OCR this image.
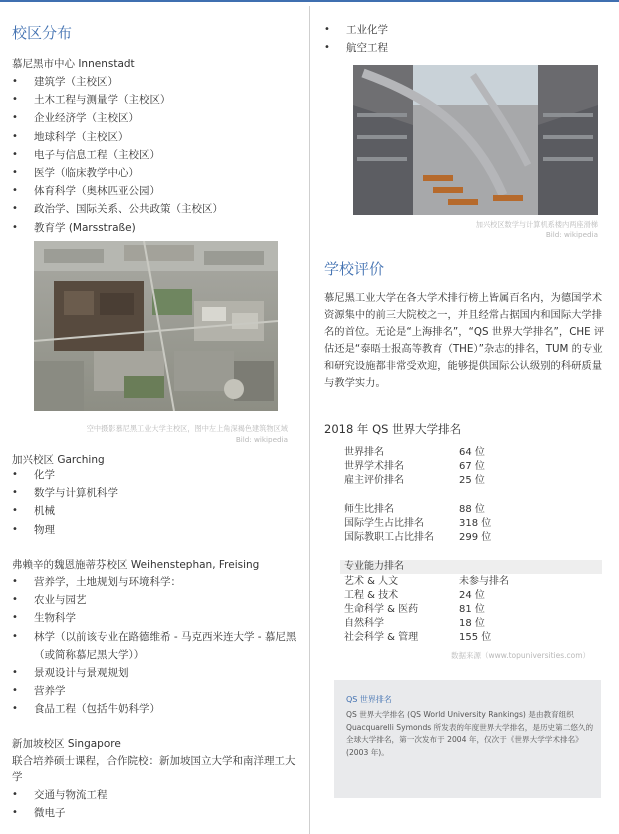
校区分布
慕尼黑市中心 Innenstadt
• 建筑学（主校区）
• 土木工程与测量学（主校区）
• 企业经济学（主校区）
• 地球科学（主校区）
• 电子与信息工程（主校区）
• 医学（临床教学中心）
• 体育科学（奥林匹亚公园）
• 政治学、国际关系、公共政策（主校区）
• 教育学 (Marsstraße)
空中摄影慕尼黑工业大学主校区，图中左上角深褐色建筑物区域
Bild: wikipedia
加兴校区 Garching
• 化学
• 数学与计算机科学
• 机械
• 物理
弗赖辛的魏恩施蒂芬校区 Weihenstephan, Freising
• 营养学，土地规划与环境科学：
• 农业与园艺
• 生物科学
• 林学（以前该专业在路德维希 - 马克西米连大学 - 慕尼黑（或简称慕尼黑大学））
• 景观设计与景观规划
• 营养学
• 食品工程（包括牛奶科学）
新加坡校区 Singapore
联合培养硕士课程，合作院校：新加坡国立大学和南洋理工大学
• 交通与物流工程
• 微电子
• 工业化学
• 航空工程
加兴校区数学与计算机系楼内两座滑梯
Bild: wikipedia
学校评价

慕尼黑工业大学在各大学术排行榜上皆属百名内，为德国学术资源集中的前三大院校之一，并且经常占据国内和国际大学排名的首位。无论是“上海排名”，“QS 世界大学排名”，CHE 评估还是“泰晤士报高等教育（THE）”杂志的排名，TUM 的专业和研究设施都非常受欢迎，能够提供国际公认级别的科研质量与教学实力。

2018 年 QS 世界大学排名
世界排名	64 位
世界学术排名	67 位
雇主评价排名	25 位
师生比排名	88 位
国际学生占比排名	318 位
国际教职工占比排名	299 位
专业能力排名
艺术 & 人文	未参与排名
工程 & 技术	24 位
生命科学 & 医药	81 位
自然科学	18 位
社会科学 & 管理	155 位
数据来源（www.topuniversities.com）
QS 世界排名
QS 世界大学排名 (QS World University Rankings) 是由教育组织 Quacquarelli Symonds 所发表的年度世界大学排名，是历史第二悠久的全球大学排名，第一次发布于 2004 年，仅次于《世界大学学术排名》(2003 年)。
